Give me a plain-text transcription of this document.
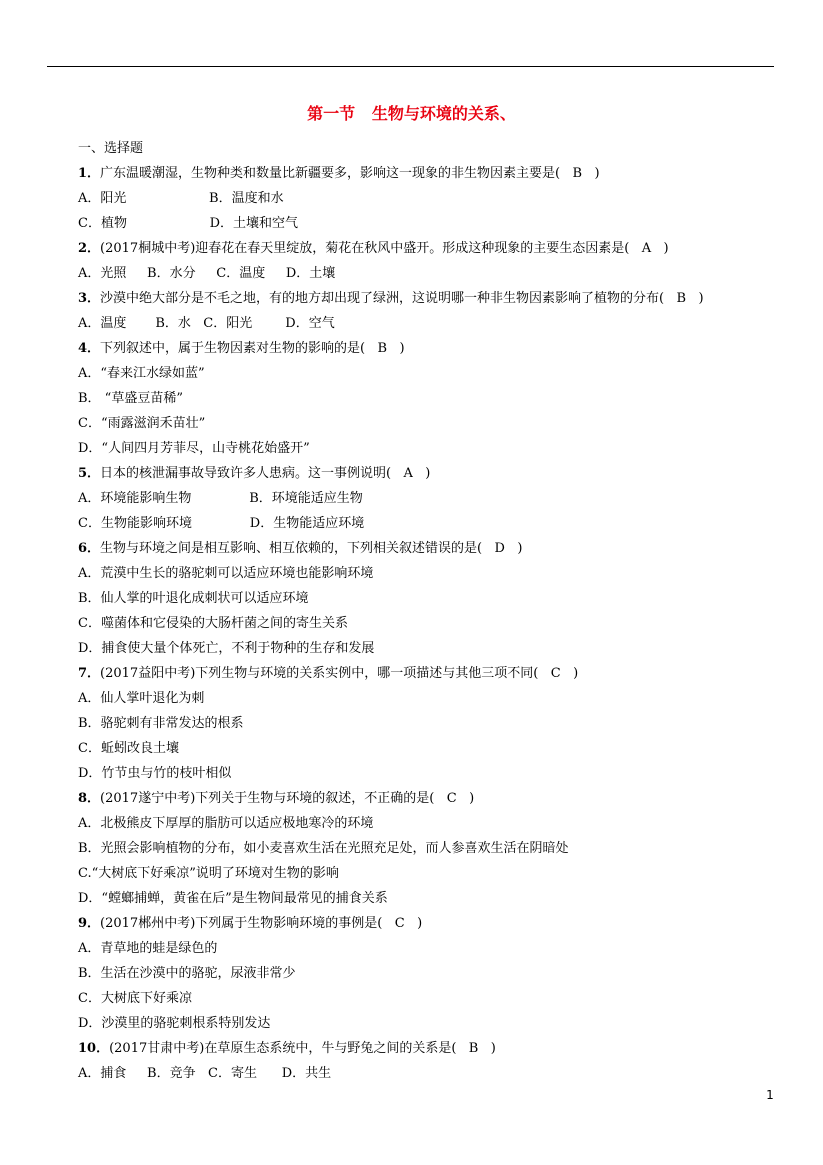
第一节   生物与环境的关系、
一、选择题
1．广东温暖潮湿，生物种类和数量比新疆要多，影响这一现象的非生物因素主要是(   B   )
A．阳光                    B．温度和水
C．植物                    D．土壤和空气
2．(2017桐城中考)迎春花在春天里绽放，菊花在秋风中盛开。形成这种现象的主要生态因素是(   A   )
A．光照     B．水分     C．温度     D．土壤
3．沙漠中绝大部分是不毛之地，有的地方却出现了绿洲，这说明哪一种非生物因素影响了植物的分布(   B   )
A．温度       B．水   C．阳光        D．空气
4．下列叙述中，属于生物因素对生物的影响的是(   B   )
A．“春来江水绿如蓝”
B． “草盛豆苗稀”
C．“雨露滋润禾苗壮”
D．“人间四月芳菲尽，山寺桃花始盛开”
5．日本的核泄漏事故导致许多人患病。这一事例说明(   A   )
A．环境能影响生物              B．环境能适应生物
C．生物能影响环境              D．生物能适应环境
6．生物与环境之间是相互影响、相互依赖的，下列相关叙述错误的是(   D   )
A．荒漠中生长的骆驼刺可以适应环境也能影响环境
B．仙人掌的叶退化成刺状可以适应环境
C．噬菌体和它侵染的大肠杆菌之间的寄生关系
D．捕食使大量个体死亡，不利于物种的生存和发展
7．(2017益阳中考)下列生物与环境的关系实例中，哪一项描述与其他三项不同(   C   )
A．仙人掌叶退化为刺
B．骆驼刺有非常发达的根系
C．蚯蚓改良土壤
D．竹节虫与竹的枝叶相似
8．(2017遂宁中考)下列关于生物与环境的叙述，不正确的是(   C   )
A．北极熊皮下厚厚的脂肪可以适应极地寒冷的环境
B．光照会影响植物的分布，如小麦喜欢生活在光照充足处，而人参喜欢生活在阴暗处
C.“大树底下好乘凉”说明了环境对生物的影响
D．“螳螂捕蝉，黄雀在后”是生物间最常见的捕食关系
9．(2017郴州中考)下列属于生物影响环境的事例是(   C   )
A．青草地的蛙是绿色的
B．生活在沙漠中的骆驼，尿液非常少
C．大树底下好乘凉
D．沙漠里的骆驼刺根系特别发达
10．(2017甘肃中考)在草原生态系统中，牛与野兔之间的关系是(   B   )
A．捕食     B．竞争   C．寄生      D．共生
1
